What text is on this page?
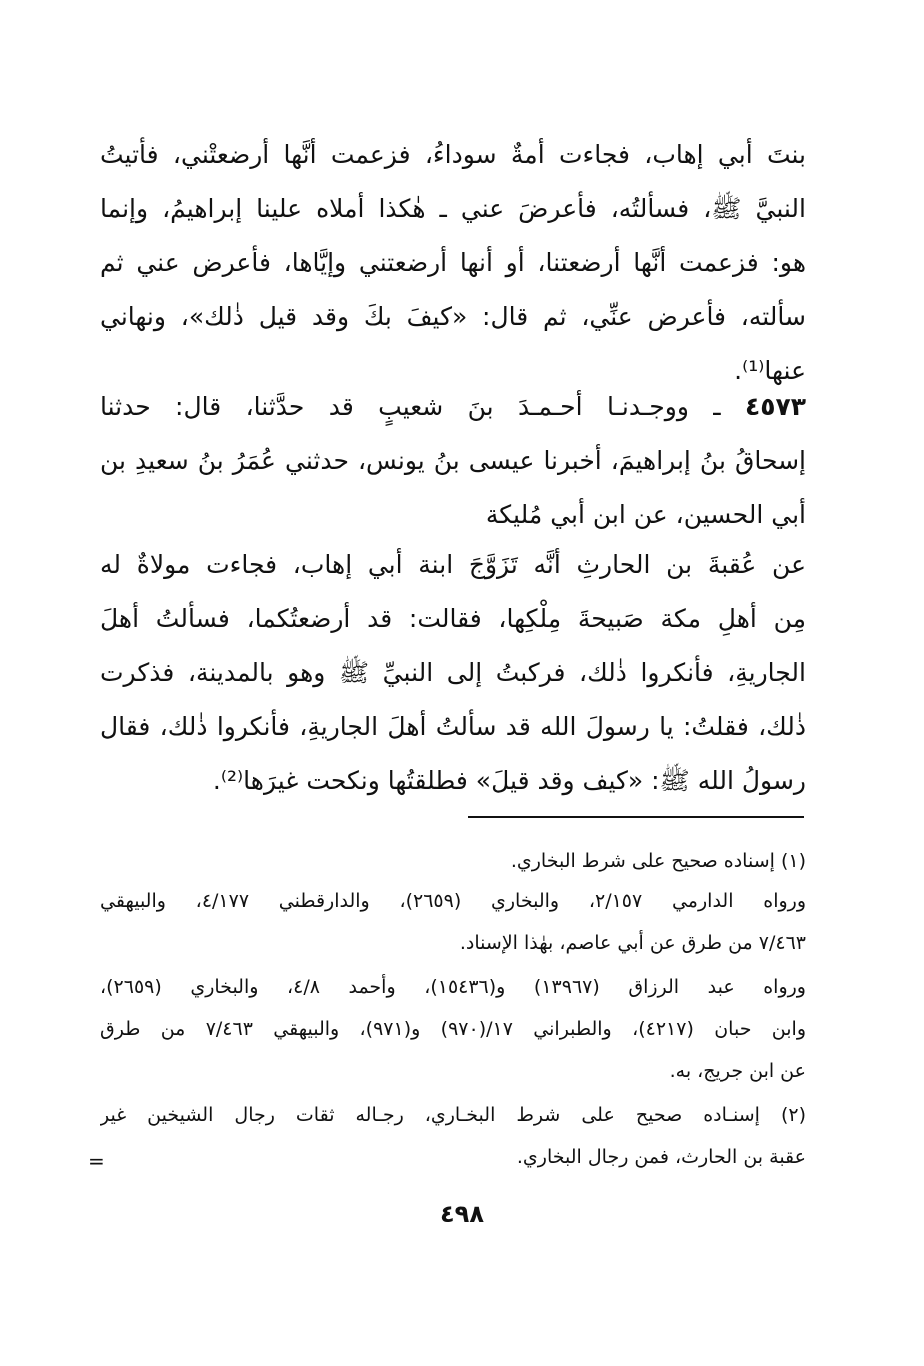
بنتَ أبي إهاب، فجاءت أمةٌ سوداءُ، فزعمت أنَّها أرضعتْني، فأتيتُ
النبيَّ ﷺ، فسألتُه، فأعرضَ عني ـ هٰكذا أملاه علينا إبراهيمُ، وإنما
هو: فزعمت أنَّها أرضعتنا، أو أنها أرضعتني وإيَّاها، فأعرض عني ثم
سألته، فأعرض عنِّي، ثم قال: «كيفَ بكَ وقد قيل ذٰلك»، ونهاني
عنها⁽¹⁾.
٤٥٧٣ ـ ووجـدنـا أحـمـدَ بنَ شعيبٍ قد حدَّثنا، قال: حدثنا
إسحاقُ بنُ إبراهيمَ، أخبرنا عيسى بنُ يونس، حدثني عُمَرُ بنُ سعيدِ بن
أبي الحسين، عن ابن أبي مُليكة
عن عُقبةَ بن الحارثِ أنَّه تَزَوَّجَ ابنة أبي إهاب، فجاءت مولاةٌ له
مِن أهلِ مكة صَبيحةَ مِلْكِها، فقالت: قد أرضعتُكما، فسألتُ أهلَ
الجاريةِ، فأنكروا ذٰلك، فركبتُ إلى النبيِّ ﷺ وهو بالمدينة، فذكرت
ذٰلك، فقلتُ: يا رسولَ الله قد سألتُ أهلَ الجاريةِ، فأنكروا ذٰلك، فقال
رسولُ الله ﷺ: «كيف وقد قيلَ» فطلقتُها ونكحت غيرَها⁽²⁾.
(١) إسناده صحيح على شرط البخاري.
ورواه الدارمي ٢/١٥٧، والبخاري (٢٦٥٩)، والدارقطني ٤/١٧٧، والبيهقي
٧/٤٦٣ من طرق عن أبي عاصم، بهٰذا الإسناد.
ورواه عبد الرزاق (١٣٩٦٧) و(١٥٤٣٦)، وأحمد ٤/٨، والبخاري (٢٦٥٩)،
وابن حبان (٤٢١٧)، والطبراني ١٧/(٩٧٠) و(٩٧١)، والبيهقي ٧/٤٦٣ من طرق
عن ابن جريج، به.
(٢) إسنـاده صحيح على شرط البخـاري، رجـاله ثقات رجال الشيخين غير
عقبة بن الحارث، فمن رجال البخاري.
=
٤٩٨
